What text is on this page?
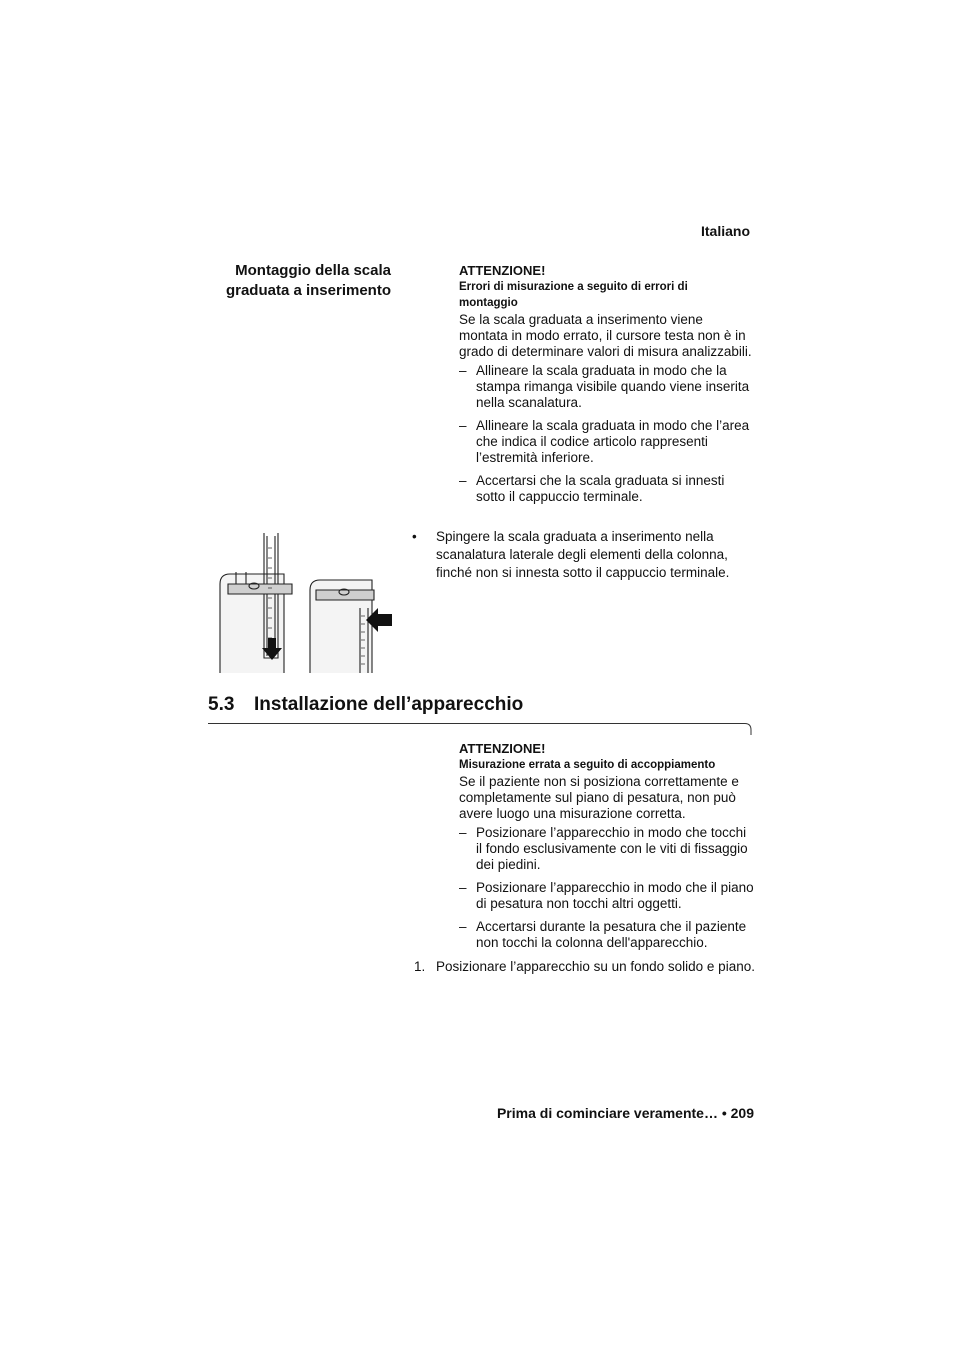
Italiano
Montaggio della scala
graduata a inserimento
ATTENZIONE!
Errori di misurazione a seguito di errori di
montaggio
Se la scala graduata a inserimento viene montata in modo errato, il cursore testa non è in grado di determinare valori di misura analizzabili.
– Allineare la scala graduata in modo che la stampa rimanga visibile quando viene inserita nella scanalatura.
– Allineare la scala graduata in modo che l’area che indica il codice articolo rappresenti l’estremità inferiore.
– Accertarsi che la scala graduata si innesti sotto il cappuccio terminale.
• Spingere la scala graduata a inserimento nella scanalatura laterale degli elementi della colonna, finché non si innesta sotto il cappuccio terminale.
5.3 Installazione dell’apparecchio
ATTENZIONE!
Misurazione errata a seguito di accoppiamento
Se il paziente non si posiziona correttamente e completamente sul piano di pesatura, non può avere luogo una misurazione corretta.
– Posizionare l’apparecchio in modo che tocchi il fondo esclusivamente con le viti di fissaggio dei piedini.
– Posizionare l’apparecchio in modo che il piano di pesatura non tocchi altri oggetti.
– Accertarsi durante la pesatura che il paziente non tocchi la colonna dell'apparecchio.
1. Posizionare l’apparecchio su un fondo solido e piano.
Prima di cominciare veramente… • 209
